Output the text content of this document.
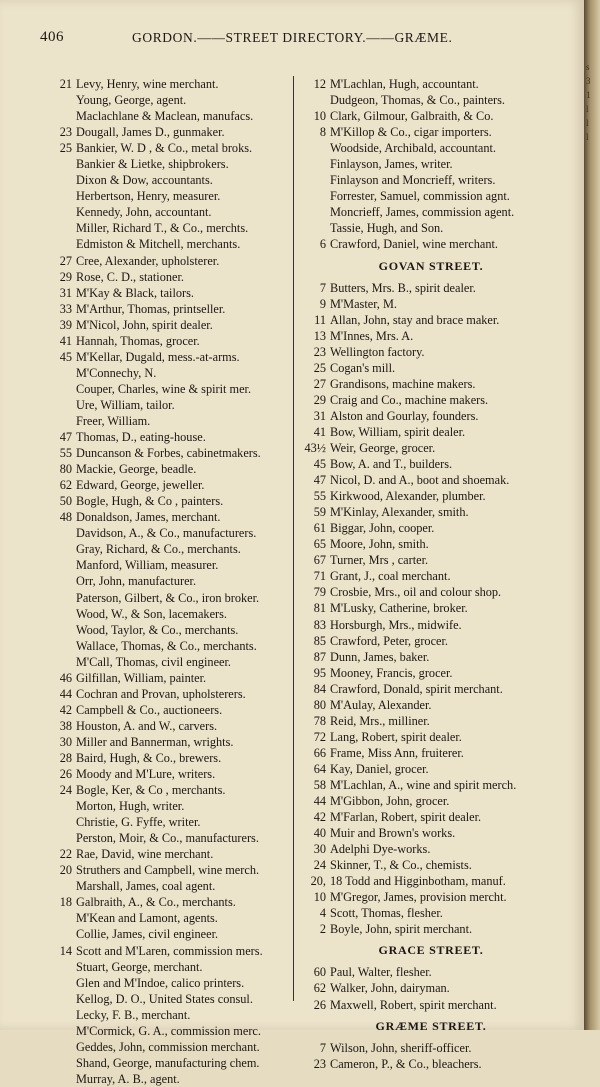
406	GORDON.——STREET DIRECTORY.——GRÆME.
21 Levy, Henry, wine merchant.
Young, George, agent.
Maclachlane & Maclean, manufacs.
23 Dougall, James D., gunmaker.
25 Bankier, W. D , & Co., metal broks.
Bankier & Lietke, shipbrokers.
Dixon & Dow, accountants.
Herbertson, Henry, measurer.
Kennedy, John, accountant.
Miller, Richard T., & Co., merchts.
Edmiston & Mitchell, merchants.
27 Cree, Alexander, upholsterer.
29 Rose, C. D., stationer.
31 M'Kay & Black, tailors.
33 M'Arthur, Thomas, printseller.
39 M'Nicol, John, spirit dealer.
41 Hannah, Thomas, grocer.
45 M'Kellar, Dugald, mess.-at-arms.
M'Connechy, N.
Couper, Charles, wine & spirit mer.
Ure, William, tailor.
Freer, William.
47 Thomas, D., eating-house.
55 Duncanson & Forbes, cabinetmakers.
80 Mackie, George, beadle.
62 Edward, George, jeweller.
50 Bogle, Hugh, & Co , painters.
48 Donaldson, James, merchant.
Davidson, A., & Co., manufacturers.
Gray, Richard, & Co., merchants.
Manford, William, measurer.
Orr, John, manufacturer.
Paterson, Gilbert, & Co., iron broker.
Wood, W., & Son, lacemakers.
Wood, Taylor, & Co., merchants.
Wallace, Thomas, & Co., merchants.
M'Call, Thomas, civil engineer.
46 Gilfillan, William, painter.
44 Cochran and Provan, upholsterers.
42 Campbell & Co., auctioneers.
38 Houston, A. and W., carvers.
30 Miller and Bannerman, wrights.
28 Baird, Hugh, & Co., brewers.
26 Moody and M'Lure, writers.
24 Bogle, Ker, & Co , merchants.
Morton, Hugh, writer.
Christie, G. Fyffe, writer.
Perston, Moir, & Co., manufacturers.
22 Rae, David, wine merchant.
20 Struthers and Campbell, wine merch.
Marshall, James, coal agent.
18 Galbraith, A., & Co., merchants.
M'Kean and Lamont, agents.
Collie, James, civil engineer.
14 Scott and M'Laren, commission mers.
Stuart, George, merchant.
Glen and M'Indoe, calico printers.
Kellog, D. O., United States consul.
Lecky, F. B., merchant.
M'Cormick, G. A., commission merc.
Geddes, John, commission merchant.
Shand, George, manufacturing chem.
Murray, A. B., agent.
12 M'Lachlan, Hugh, accountant.
Dudgeon, Thomas, & Co., painters.
10 Clark, Gilmour, Galbraith, & Co.
8 M'Killop & Co., cigar importers.
Woodside, Archibald, accountant.
Finlayson, James, writer.
Finlayson and Moncrieff, writers.
Forrester, Samuel, commission agnt.
Moncrieff, James, commission agent.
Tassie, Hugh, and Son.
6 Crawford, Daniel, wine merchant.
GOVAN STREET.
7 Butters, Mrs. B., spirit dealer.
9 M'Master, M.
11 Allan, John, stay and brace maker.
13 M'Innes, Mrs. A.
23 Wellington factory.
25 Cogan's mill.
27 Grandisons, machine makers.
29 Craig and Co., machine makers.
31 Alston and Gourlay, founders.
41 Bow, William, spirit dealer.
43½ Weir, George, grocer.
45 Bow, A. and T., builders.
47 Nicol, D. and A., boot and shoemak.
55 Kirkwood, Alexander, plumber.
59 M'Kinlay, Alexander, smith.
61 Biggar, John, cooper.
65 Moore, John, smith.
67 Turner, Mrs , carter.
71 Grant, J., coal merchant.
79 Crosbie, Mrs., oil and colour shop.
81 M'Lusky, Catherine, broker.
83 Horsburgh, Mrs., midwife.
85 Crawford, Peter, grocer.
87 Dunn, James, baker.
95 Mooney, Francis, grocer.
84 Crawford, Donald, spirit merchant.
80 M'Aulay, Alexander.
78 Reid, Mrs., milliner.
72 Lang, Robert, spirit dealer.
66 Frame, Miss Ann, fruiterer.
64 Kay, Daniel, grocer.
58 M'Lachlan, A., wine and spirit merch.
44 M'Gibbon, John, grocer.
42 M'Farlan, Robert, spirit dealer.
40 Muir and Brown's works.
30 Adelphi Dye-works.
24 Skinner, T., & Co., chemists.
20, 18 Todd and Higginbotham, manuf.
10 M'Gregor, James, provision mercht.
4 Scott, Thomas, flesher.
2 Boyle, John, spirit merchant.
GRACE STREET.
60 Paul, Walter, flesher.
62 Walker, John, dairyman.
26 Maxwell, Robert, spirit merchant.
GRÆME STREET.
7 Wilson, John, sheriff-officer.
23 Cameron, P., & Co., bleachers.
s
3
1
l
l
l
